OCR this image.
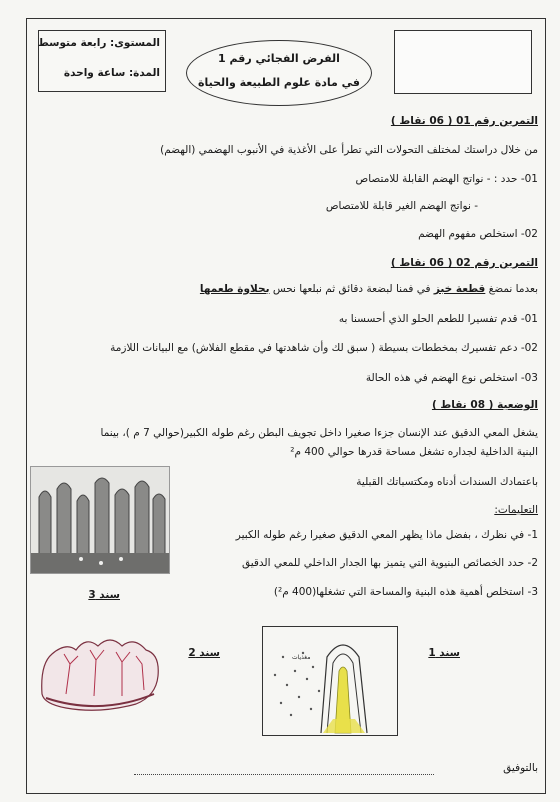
المستوى: رابعة متوسط
المدة: ساعة واحدة
الفرض الفجائي رقم 1
في مادة علوم الطبيعة والحياة
التمرين رقم 01 ( 06 نقاط )
من خلال دراستك لمختلف التحولات التي تطرأ على الأغذية في الأنبوب الهضمي (الهضم)
01- حدد : - نواتج الهضم القابلة للامتصاص
- نواتج الهضم الغير قابلة للامتصاص
02- استخلص مفهوم الهضم
التمرين رقم 02 ( 06 نقاط )
بعدما نمضغ قطعة خبز في فمنا لبضعة دقائق ثم نبلعها نحس بحلاوة طعمها
01- قدم تفسيرا للطعم الحلو الذي أحسسنا به
02- دعم تفسيرك بمخططات بسيطة ( سبق لك وأن شاهدتها في مقطع الفلاش) مع البيانات اللازمة
03- استخلص نوع الهضم في هذه الحالة
الوضعية ( 08 نقاط )
يشغل المعي الدقيق عند الإنسان جزءا صغيرا داخل تجويف البطن رغم طوله الكبير(حوالي 7 م )، بينما
البنية الداخلية لجداره تشغل مساحة قدرها حوالي 400 م²
باعتمادك السندات أدناه ومكتسباتك القبلية
التعليمات:
1- في نظرك ، بفضل ماذا يظهر المعي الدقيق صغيرا رغم طوله الكبير
2- حدد الخصائص البنيوية التي يتميز بها الجدار الداخلي للمعي الدقيق
3- استخلص أهمية هذه البنية والمساحة التي تشغلها(400 م²)
سند 3
سند 2	مغذيات	سند 1
بالتوفيق
